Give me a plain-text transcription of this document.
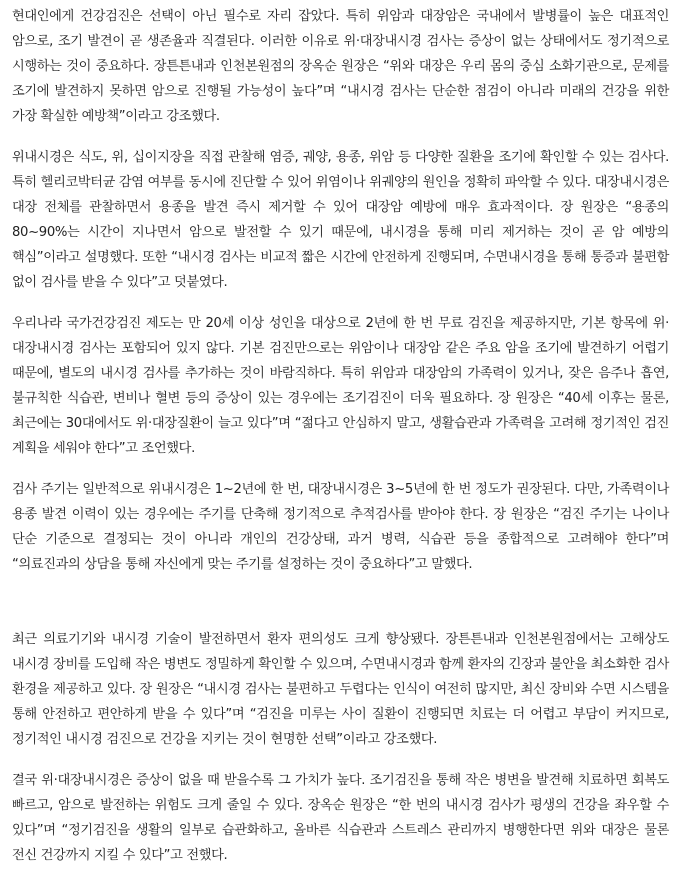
현대인에게 건강검진은 선택이 아닌 필수로 자리 잡았다. 특히 위암과 대장암은 국내에서 발병률이 높은 대표적인 암으로, 조기 발견이 곧 생존율과 직결된다. 이러한 이유로 위·대장내시경 검사는 증상이 없는 상태에서도 정기적으로 시행하는 것이 중요하다. 장튼튼내과 인천본원점의 장옥순 원장은 “위와 대장은 우리 몸의 중심 소화기관으로, 문제를 조기에 발견하지 못하면 암으로 진행될 가능성이 높다”며 “내시경 검사는 단순한 점검이 아니라 미래의 건강을 위한 가장 확실한 예방책”이라고 강조했다.

위내시경은 식도, 위, 십이지장을 직접 관찰해 염증, 궤양, 용종, 위암 등 다양한 질환을 조기에 확인할 수 있는 검사다. 특히 헬리코박터균 감염 여부를 동시에 진단할 수 있어 위염이나 위궤양의 원인을 정확히 파악할 수 있다. 대장내시경은 대장 전체를 관찰하면서 용종을 발견 즉시 제거할 수 있어 대장암 예방에 매우 효과적이다. 장 원장은 “용종의 80~90%는 시간이 지나면서 암으로 발전할 수 있기 때문에, 내시경을 통해 미리 제거하는 것이 곧 암 예방의 핵심”이라고 설명했다. 또한 “내시경 검사는 비교적 짧은 시간에 안전하게 진행되며, 수면내시경을 통해 통증과 불편함 없이 검사를 받을 수 있다”고 덧붙였다.

우리나라 국가건강검진 제도는 만 20세 이상 성인을 대상으로 2년에 한 번 무료 검진을 제공하지만, 기본 항목에 위·대장내시경 검사는 포함되어 있지 않다. 기본 검진만으로는 위암이나 대장암 같은 주요 암을 조기에 발견하기 어렵기 때문에, 별도의 내시경 검사를 추가하는 것이 바람직하다. 특히 위암과 대장암의 가족력이 있거나, 잦은 음주나 흡연, 불규칙한 식습관, 변비나 혈변 등의 증상이 있는 경우에는 조기검진이 더욱 필요하다. 장 원장은 “40세 이후는 물론, 최근에는 30대에서도 위·대장질환이 늘고 있다”며 “젊다고 안심하지 말고, 생활습관과 가족력을 고려해 정기적인 검진 계획을 세워야 한다”고 조언했다.

검사 주기는 일반적으로 위내시경은 1~2년에 한 번, 대장내시경은 3~5년에 한 번 정도가 권장된다. 다만, 가족력이나 용종 발견 이력이 있는 경우에는 주기를 단축해 정기적으로 추적검사를 받아야 한다. 장 원장은 “검진 주기는 나이나 단순 기준으로 결정되는 것이 아니라 개인의 건강상태, 과거 병력, 식습관 등을 종합적으로 고려해야 한다”며 “의료진과의 상담을 통해 자신에게 맞는 주기를 설정하는 것이 중요하다”고 말했다.

최근 의료기기와 내시경 기술이 발전하면서 환자 편의성도 크게 향상됐다. 장튼튼내과 인천본원점에서는 고해상도 내시경 장비를 도입해 작은 병변도 정밀하게 확인할 수 있으며, 수면내시경과 함께 환자의 긴장과 불안을 최소화한 검사 환경을 제공하고 있다. 장 원장은 “내시경 검사는 불편하고 두렵다는 인식이 여전히 많지만, 최신 장비와 수면 시스템을 통해 안전하고 편안하게 받을 수 있다”며 “검진을 미루는 사이 질환이 진행되면 치료는 더 어렵고 부담이 커지므로, 정기적인 내시경 검진으로 건강을 지키는 것이 현명한 선택”이라고 강조했다.

결국 위·대장내시경은 증상이 없을 때 받을수록 그 가치가 높다. 조기검진을 통해 작은 병변을 발견해 치료하면 회복도 빠르고, 암으로 발전하는 위험도 크게 줄일 수 있다. 장옥순 원장은 “한 번의 내시경 검사가 평생의 건강을 좌우할 수 있다”며 “정기검진을 생활의 일부로 습관화하고, 올바른 식습관과 스트레스 관리까지 병행한다면 위와 대장은 물론 전신 건강까지 지킬 수 있다”고 전했다.
